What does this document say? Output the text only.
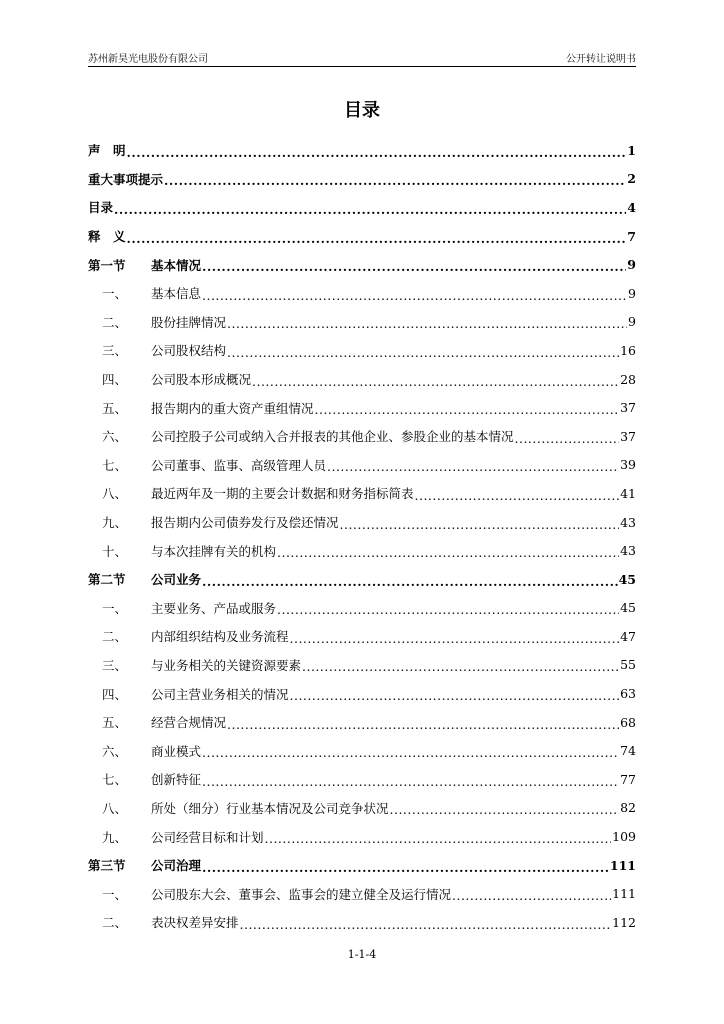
苏州新昊光电股份有限公司	公开转让说明书
目录
声　明 .....	1
重大事项提示 .....	2
目录 .....	4
释　义 .....	7
第一节	基本情况 .....	9
一、	基本信息 .....	9
二、	股份挂牌情况 .....	9
三、	公司股权结构 .....	16
四、	公司股本形成概况 .....	28
五、	报告期内的重大资产重组情况 .....	37
六、	公司控股子公司或纳入合并报表的其他企业、参股企业的基本情况 .....	37
七、	公司董事、监事、高级管理人员 .....	39
八、	最近两年及一期的主要会计数据和财务指标简表 .....	41
九、	报告期内公司债券发行及偿还情况 .....	43
十、	与本次挂牌有关的机构 .....	43
第二节	公司业务 .....	45
一、	主要业务、产品或服务 .....	45
二、	内部组织结构及业务流程 .....	47
三、	与业务相关的关键资源要素 .....	55
四、	公司主营业务相关的情况 .....	63
五、	经营合规情况 .....	68
六、	商业模式 .....	74
七、	创新特征 .....	77
八、	所处（细分）行业基本情况及公司竞争状况 .....	82
九、	公司经营目标和计划 .....	109
第三节	公司治理 .....	111
一、	公司股东大会、董事会、监事会的建立健全及运行情况 .....	111
二、	表决权差异安排 .....	112
1-1-4
